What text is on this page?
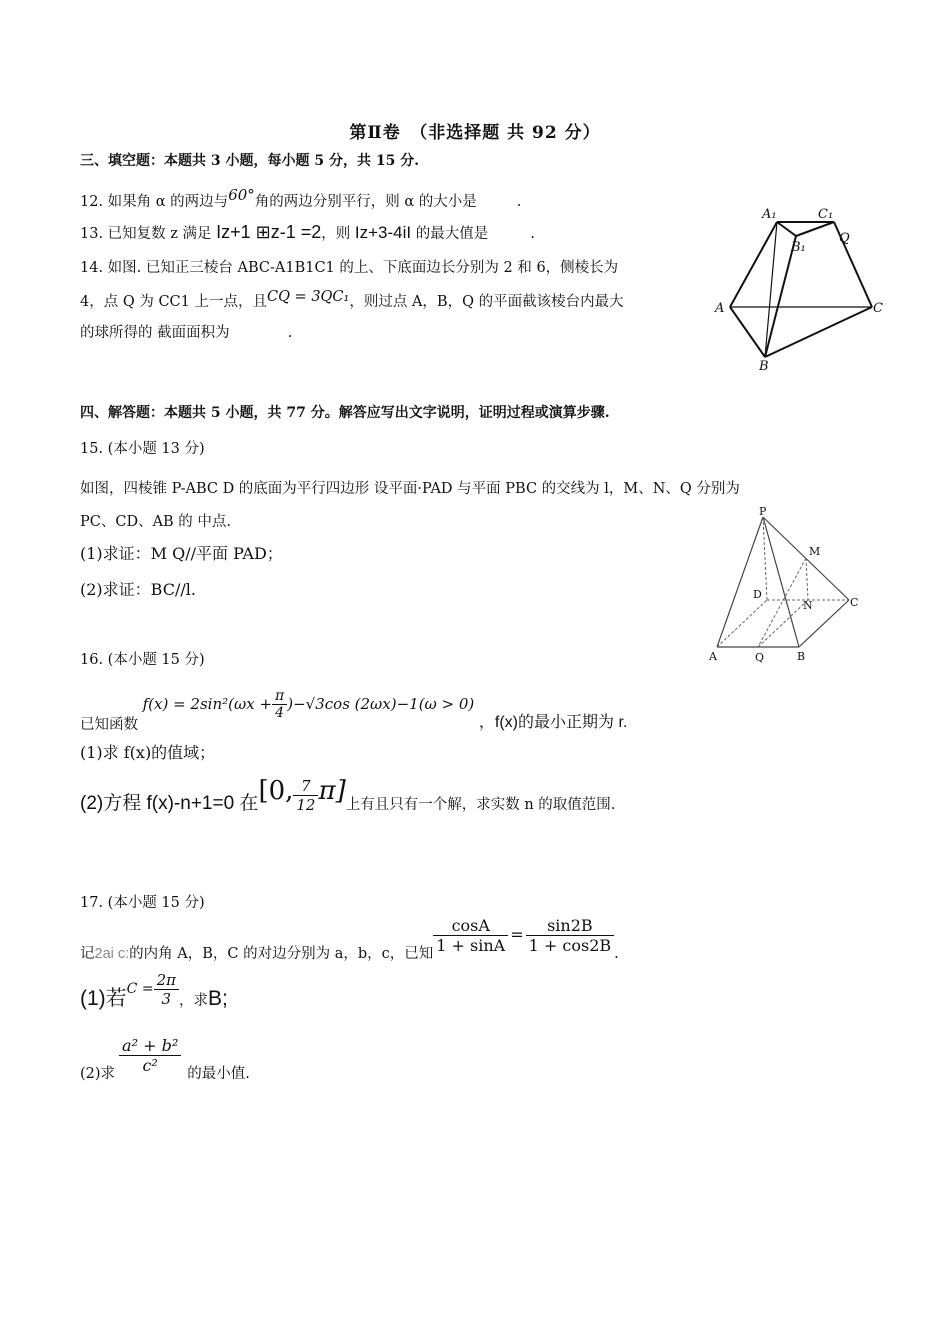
第Ⅱ卷　（非选择题 共 92 分）
三、填空题：本题共 3 小题，每小题 5 分，共 15 分.
12. 如果角 α 的两边与60°角的两边分别平行，则 α 的大小是	.
13. 已知复数 z 满足 Iz+1 ⊞z-1 =2，则 Iz+3-4iI 的最大值是	.
14. 如图. 已知正三棱台 ABC-A1B1C1 的上、下底面边长分别为 2 和 6，侧棱长为
4，点 Q 为 CC1 上一点，且CQ = 3QC₁，则过点 A，B，Q 的平面截该棱台内最大
的球所得的 截面面积为	.
A₁	C₁
B₁
Q
A	C
B
四、解答题：本题共 5 小题，共 77 分。解答应写出文字说明，证明过程或演算步骤.
15. (本小题 13 分)
如图，四棱锥 P-ABC D 的底面为平行四边形 设平面·PAD 与平面 PBC 的交线为 l，M、N、Q 分别为
PC、CD、AB 的 中点.
(1)求证：M Q//平面 PAD；
(2)求证：BC//l.
P
M
D
N	C
A	Q	B
16. (本小题 15 分)
已知函数 $f(x) = 2\sin^2(\omega x + \frac{\pi}{4} )-√3\cos$ (2ωx)−1(ω > 0) ，f(x)的最小正期为 r.
(1)求 f(x)的值域；
(2)方程 f(x)-n+1=0 在[0, $\frac{7}{12} \pi$]上有且只有一个解，求实数 n 的取值范围.
17. (本小题 15 分)
记2ai c:的内角 A，B，C 的对边分别为 a，b，c，已知 $\frac{\cos A}{1 + \sin A} = \frac{\sin 2B}{1 + \cos 2B}$ .
(1)若$C = \frac{2\pi}{3}$ ，求B;
(2)求 $\frac{\text{a² + b²}}{\text{c²}}$ 的最小值.
